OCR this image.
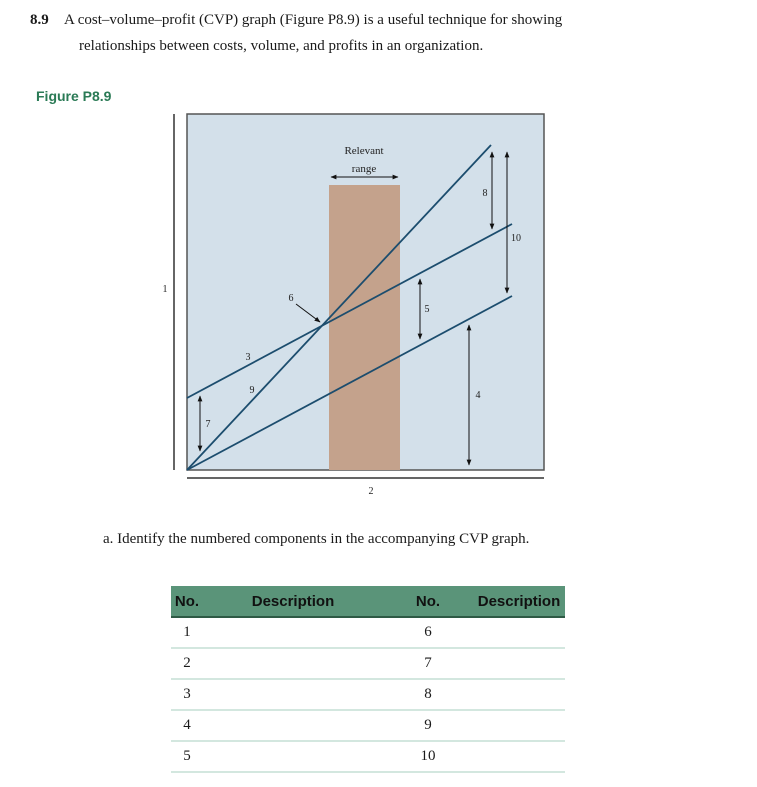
8.9 A cost–volume–profit (CVP) graph (Figure P8.9) is a useful technique for showing
relationships between costs, volume, and profits in an organization.
Figure P8.9
Relevant
range
1
2
3
4
5
6
7
8
9
10
a. Identify the numbered components in the accompanying CVP graph.
No.	Description	No.	Description
1		6	
2		7	
3		8	
4		9	
5		10	
